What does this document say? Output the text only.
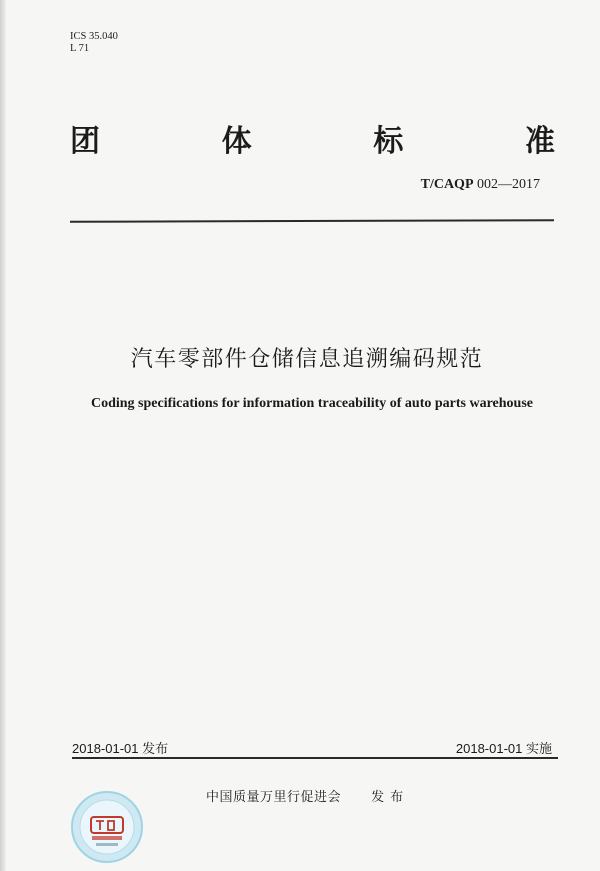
ICS 35.040
L 71
团	体	标	准
T/CAQP 002—2017
汽车零部件仓储信息追溯编码规范
Coding specifications for information traceability of auto parts warehouse
2018-01-01 发布	2018-01-01 实施
中国质量万里行促进会 发布
